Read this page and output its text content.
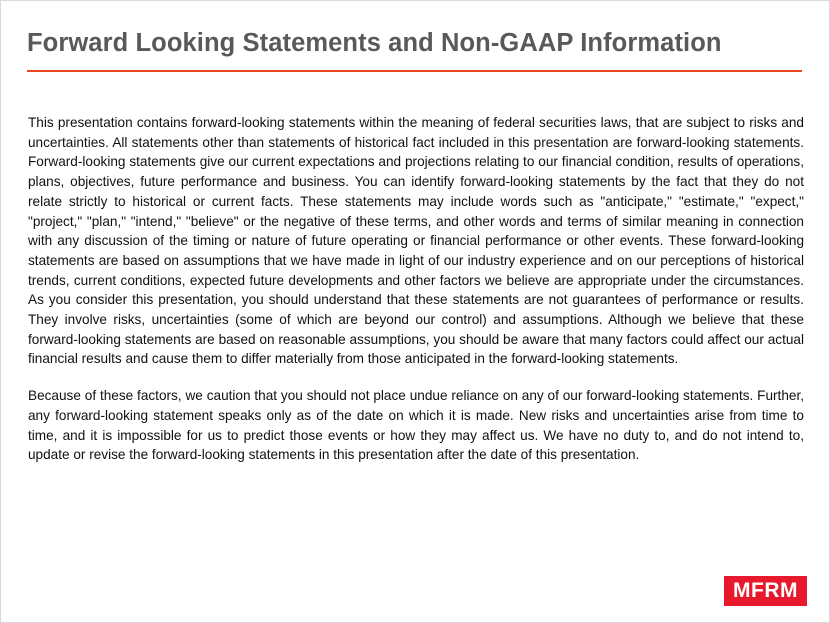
Forward Looking Statements and Non-GAAP Information

This presentation contains forward-looking statements within the meaning of federal securities laws, that are subject to risks and uncertainties. All statements other than statements of historical fact included in this presentation are forward-looking statements. Forward-looking statements give our current expectations and projections relating to our financial condition, results of operations, plans, objectives, future performance and business. You can identify forward-looking statements by the fact that they do not relate strictly to historical or current facts. These statements may include words such as "anticipate," "estimate," "expect," "project," "plan," "intend," "believe" or the negative of these terms, and other words and terms of similar meaning in connection with any discussion of the timing or nature of future operating or financial performance or other events. These forward-looking statements are based on assumptions that we have made in light of our industry experience and on our perceptions of historical trends, current conditions, expected future developments and other factors we believe are appropriate under the circumstances. As you consider this presentation, you should understand that these statements are not guarantees of performance or results. They involve risks, uncertainties (some of which are beyond our control) and assumptions. Although we believe that these forward-looking statements are based on reasonable assumptions, you should be aware that many factors could affect our actual financial results and cause them to differ materially from those anticipated in the forward-looking statements.

Because of these factors, we caution that you should not place undue reliance on any of our forward-looking statements. Further, any forward-looking statement speaks only as of the date on which it is made. New risks and uncertainties arise from time to time, and it is impossible for us to predict those events or how they may affect us. We have no duty to, and do not intend to, update or revise the forward-looking statements in this presentation after the date of this presentation.

MFRM
